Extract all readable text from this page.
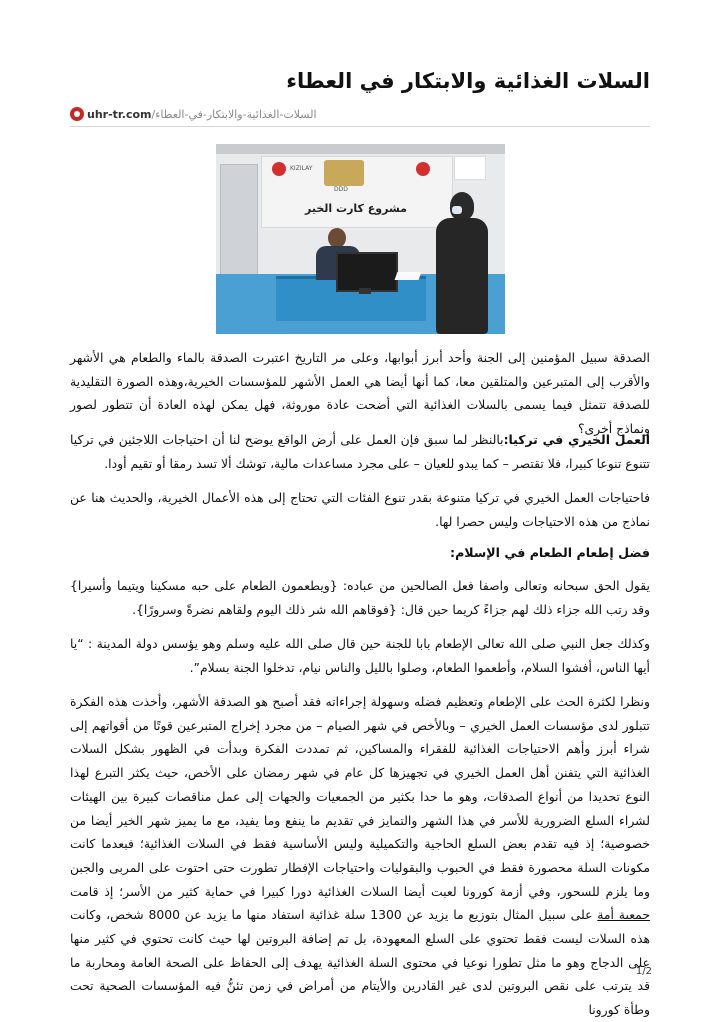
السلات الغذائية والابتكار في العطاء
uhr-tr.com /السلات-الغذائية-والابتكار-في-العطاء
KIZILAY
DDD
مشروع كارت الخير

الصدقة سبيل المؤمنين إلى الجنة وأحد أبرز أبوابها، وعلى مر التاريخ اعتبرت الصدقة بالماء والطعام هي الأشهر والأقرب إلى المتبرعين والمتلقين معا، كما أنها أيضا هي العمل الأشهر للمؤسسات الخيرية،وهذه الصورة التقليدية للصدقة تتمثل فيما يسمى بالسلات الغذائية التي أضحت عادة موروثة، فهل يمكن لهذه العادة أن تتطور لصور ونماذج أخرى؟

العمل الخيري في تركيا:بالنظر لما سبق فإن العمل على أرض الواقع يوضح لنا أن احتياجات اللاجئين في تركيا تتنوع تنوعا كبيرا، فلا تقتصر – كما يبدو للعيان – على مجرد مساعدات مالية، توشك ألا تسد رمقا أو تقيم أودا.

فاحتياجات العمل الخيري في تركيا متنوعة بقدر تنوع الفئات التي تحتاج إلى هذه الأعمال الخيرية، والحديث هنا عن نماذج من هذه الاحتياجات وليس حصرا لها.

فضل إطعام الطعام في الإسلام:

يقول الحق سبحانه وتعالى واصفا فعل الصالحين من عباده: {ويطعمون الطعام على حبه مسكينا ويتيما وأسيرا} وقد رتب الله جزاء ذلك لهم جزاءً كريما حين قال: {فوقاهم الله شر ذلك اليوم ولقاهم نضرةً وسرورًا}.

وكذلك جعل النبي صلى الله تعالى الإطعام بابا للجنة حين قال صلى الله عليه وسلم وهو يؤسس دولة المدينة : “يا أيها الناس، أفشوا السلام، وأطعموا الطعام، وصلوا بالليل والناس نيام، تدخلوا الجنة بسلام”.

ونظرا لكثرة الحث على الإطعام وتعظيم فضله وسهولة إجراءاته فقد أصبح هو الصدقة الأشهر، وأخذت هذه الفكرة تتبلور لدى مؤسسات العمل الخيري – وبالأخص في شهر الصيام – من مجرد إخراج المتبرعين قوتًا من أقواتهم إلى شراء أبرز وأهم الاحتياجات الغذائية للفقراء والمساكين، ثم تمددت الفكرة وبدأت في الظهور بشكل السلات الغذائية التي يتفنن أهل العمل الخيري في تجهيزها كل عام في شهر رمضان على الأخص، حيث يكثر التبرع لهذا النوع تحديدا من أنواع الصدقات، وهو ما حدا بكثير من الجمعيات والجهات إلى عمل مناقصات كبيرة بين الهيئات لشراء السلع الضرورية للأسر في هذا الشهر والتمايز في تقديم ما ينفع وما يفيد، مع ما يميز شهر الخير أيضا من خصوصية؛ إذ فيه تقدم بعض السلع الحاجية والتكميلية وليس الأساسية فقط في السلات الغذائية؛ فبعدما كانت مكونات السلة محصورة فقط في الحبوب والبقوليات واحتياجات الإفطار تطورت حتى احتوت على المربى والجبن وما يلزم للسحور، وفي أزمة كورونا لعبت أيضا السلات الغذائية دورا كبيرا في حماية كثير من الأسر؛ إذ قامت جمعية أمة على سبيل المثال بتوزيع ما يزيد عن 1300 سلة غذائية استفاد منها ما يزيد عن 8000 شخص، وكانت هذه السلات ليست فقط تحتوي على السلع المعهودة، بل تم إضافة البروتين لها حيث كانت تحتوي في كثير منها على الدجاج وهو ما مثل تطورا نوعيا في محتوى السلة الغذائية يهدف إلى الحفاظ على الصحة العامة ومحاربة ما قد يترتب على نقص البروتين لدى غير القادرين والأيتام من أمراض في زمن تئنُّ فيه المؤسسات الصحية تحت وطأة كورونا

1/2
